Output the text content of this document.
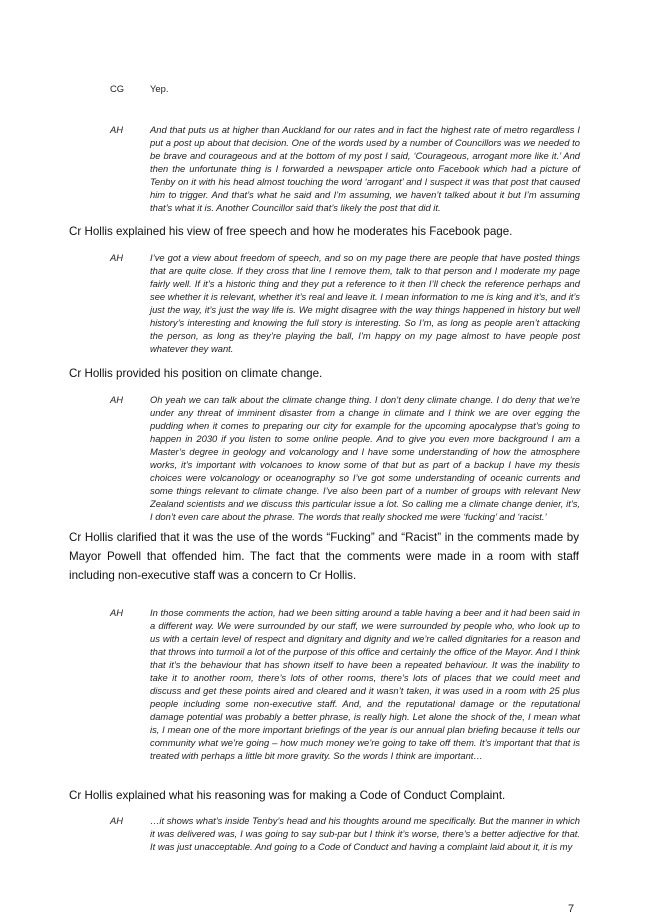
CG	Yep.
AH	And that puts us at higher than Auckland for our rates and in fact the highest rate of metro regardless I put a post up about that decision. One of the words used by a number of Councillors was we needed to be brave and courageous and at the bottom of my post I said, ‘Courageous, arrogant more like it.’ And then the unfortunate thing is I forwarded a newspaper article onto Facebook which had a picture of Tenby on it with his head almost touching the word ‘arrogant’ and I suspect it was that post that caused him to trigger. And that’s what he said and I’m assuming, we haven’t talked about it but I’m assuming that’s what it is. Another Councillor said that’s likely the post that did it.
Cr Hollis explained his view of free speech and how he moderates his Facebook page.
AH	I’ve got a view about freedom of speech, and so on my page there are people that have posted things that are quite close. If they cross that line I remove them, talk to that person and I moderate my page fairly well. If it’s a historic thing and they put a reference to it then I’ll check the reference perhaps and see whether it is relevant, whether it’s real and leave it. I mean information to me is king and it’s, and it’s just the way, it’s just the way life is. We might disagree with the way things happened in history but well history’s interesting and knowing the full story is interesting. So I’m, as long as people aren’t attacking the person, as long as they’re playing the ball, I’m happy on my page almost to have people post whatever they want.
Cr Hollis provided his position on climate change.
AH	Oh yeah we can talk about the climate change thing. I don’t deny climate change. I do deny that we’re under any threat of imminent disaster from a change in climate and I think we are over egging the pudding when it comes to preparing our city for example for the upcoming apocalypse that’s going to happen in 2030 if you listen to some online people. And to give you even more background I am a Master’s degree in geology and volcanology and I have some understanding of how the atmosphere works, it’s important with volcanoes to know some of that but as part of a backup I have my thesis choices were volcanology or oceanography so I’ve got some understanding of oceanic currents and some things relevant to climate change. I’ve also been part of a number of groups with relevant New Zealand scientists and we discuss this particular issue a lot. So calling me a climate change denier, it’s, I don’t even care about the phrase. The words that really shocked me were ‘fucking’ and ‘racist.’
Cr Hollis clarified that it was the use of the words “Fucking” and “Racist” in the comments made by Mayor Powell that offended him. The fact that the comments were made in a room with staff including non-executive staff was a concern to Cr Hollis.
AH	In those comments the action, had we been sitting around a table having a beer and it had been said in a different way. We were surrounded by our staff, we were surrounded by people who, who look up to us with a certain level of respect and dignitary and dignity and we’re called dignitaries for a reason and that throws into turmoil a lot of the purpose of this office and certainly the office of the Mayor. And I think that it’s the behaviour that has shown itself to have been a repeated behaviour. It was the inability to take it to another room, there’s lots of other rooms, there’s lots of places that we could meet and discuss and get these points aired and cleared and it wasn’t taken, it was used in a room with 25 plus people including some non-executive staff. And, and the reputational damage or the reputational damage potential was probably a better phrase, is really high. Let alone the shock of the, I mean what is, I mean one of the more important briefings of the year is our annual plan briefing because it tells our community what we’re going – how much money we’re going to take off them. It’s important that that is treated with perhaps a little bit more gravity. So the words I think are important…
Cr Hollis explained what his reasoning was for making a Code of Conduct Complaint.
AH	…it shows what’s inside Tenby’s head and his thoughts around me specifically. But the manner in which it was delivered was, I was going to say sub-par but I think it’s worse, there’s a better adjective for that. It was just unacceptable. And going to a Code of Conduct and having a complaint laid about it, it is my
7
